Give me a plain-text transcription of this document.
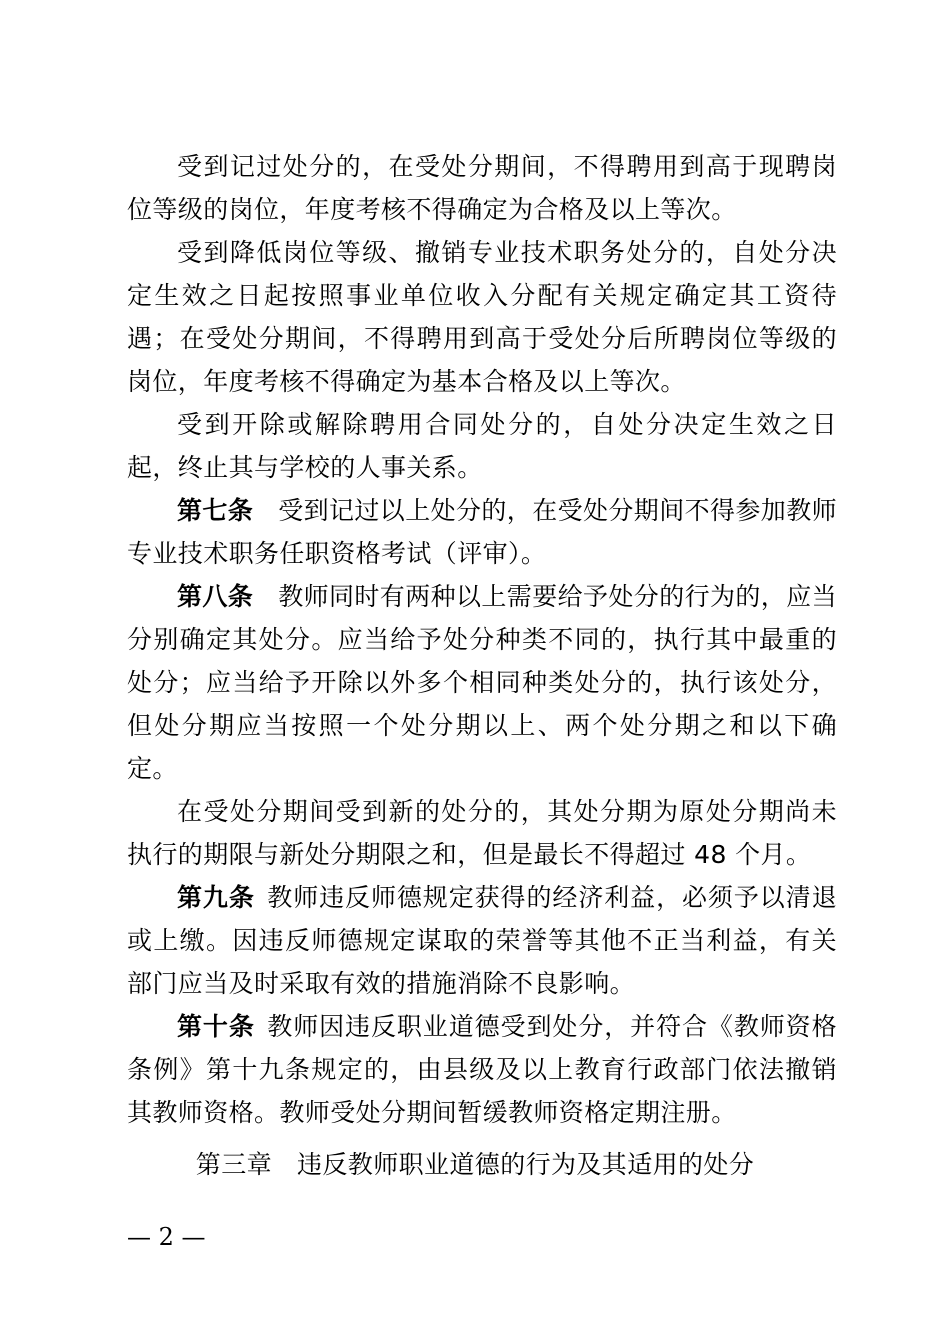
受到记过处分的，在受处分期间，不得聘用到高于现聘岗位等级的岗位，年度考核不得确定为合格及以上等次。

受到降低岗位等级、撤销专业技术职务处分的，自处分决定生效之日起按照事业单位收入分配有关规定确定其工资待遇；在受处分期间，不得聘用到高于受处分后所聘岗位等级的岗位，年度考核不得确定为基本合格及以上等次。

受到开除或解除聘用合同处分的，自处分决定生效之日起，终止其与学校的人事关系。

第七条 受到记过以上处分的，在受处分期间不得参加教师专业技术职务任职资格考试（评审）。

第八条 教师同时有两种以上需要给予处分的行为的，应当分别确定其处分。应当给予处分种类不同的，执行其中最重的处分；应当给予开除以外多个相同种类处分的，执行该处分，但处分期应当按照一个处分期以上、两个处分期之和以下确定。

在受处分期间受到新的处分的，其处分期为原处分期尚未执行的期限与新处分期限之和，但是最长不得超过 48 个月。

第九条 教师违反师德规定获得的经济利益，必须予以清退或上缴。因违反师德规定谋取的荣誉等其他不正当利益，有关部门应当及时采取有效的措施消除不良影响。

第十条 教师因违反职业道德受到处分，并符合《教师资格条例》第十九条规定的，由县级及以上教育行政部门依法撤销其教师资格。教师受处分期间暂缓教师资格定期注册。

第三章 违反教师职业道德的行为及其适用的处分
— 2 —
